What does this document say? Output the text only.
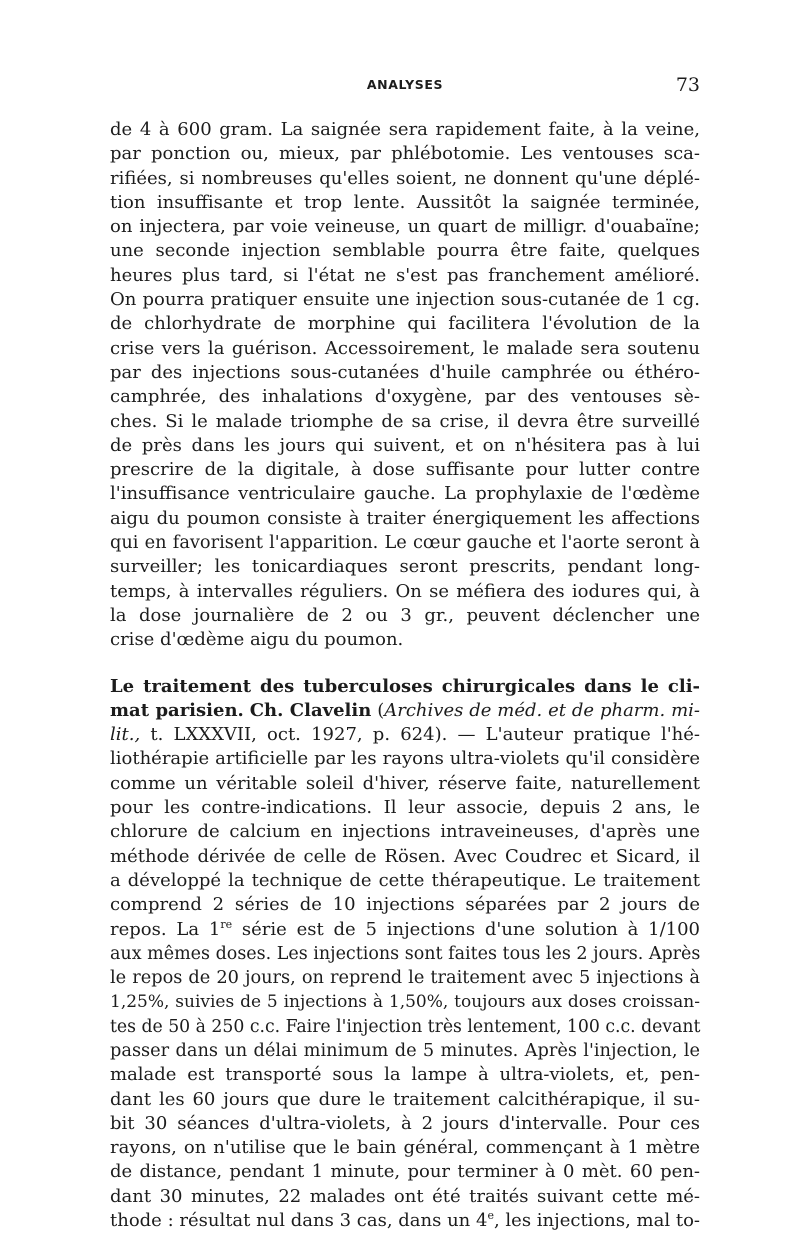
ANALYSES	73
de 4 à 600 gram. La saignée sera rapidement faite, à la veine,
par ponction ou, mieux, par phlébotomie. Les ventouses sca-
rifiées, si nombreuses qu'elles soient, ne donnent qu'une déplé-
tion insuffisante et trop lente. Aussitôt la saignée terminée,
on injectera, par voie veineuse, un quart de milligr. d'ouabaïne;
une seconde injection semblable pourra être faite, quelques
heures plus tard, si l'état ne s'est pas franchement amélioré.
On pourra pratiquer ensuite une injection sous-cutanée de 1 cg.
de chlorhydrate de morphine qui facilitera l'évolution de la
crise vers la guérison. Accessoirement, le malade sera soutenu
par des injections sous-cutanées d'huile camphrée ou éthéro-
camphrée, des inhalations d'oxygène, par des ventouses sè-
ches. Si le malade triomphe de sa crise, il devra être surveillé
de près dans les jours qui suivent, et on n'hésitera pas à lui
prescrire de la digitale, à dose suffisante pour lutter contre
l'insuffisance ventriculaire gauche. La prophylaxie de l'œdème
aigu du poumon consiste à traiter énergiquement les affections
qui en favorisent l'apparition. Le cœur gauche et l'aorte seront à
surveiller; les tonicardiaques seront prescrits, pendant long-
temps, à intervalles réguliers. On se méfiera des iodures qui, à
la dose journalière de 2 ou 3 gr., peuvent déclencher une
crise d'œdème aigu du poumon.
Le traitement des tuberculoses chirurgicales dans le cli-
mat parisien. Ch. Clavelin (Archives de méd. et de pharm. mi-
lit., t. LXXXVII, oct. 1927, p. 624). — L'auteur pratique l'hé-
liothérapie artificielle par les rayons ultra-violets qu'il considère
comme un véritable soleil d'hiver, réserve faite, naturellement
pour les contre-indications. Il leur associe, depuis 2 ans, le
chlorure de calcium en injections intraveineuses, d'après une
méthode dérivée de celle de Rösen. Avec Coudrec et Sicard, il
a développé la technique de cette thérapeutique. Le traitement
comprend 2 séries de 10 injections séparées par 2 jours de
repos. La 1re série est de 5 injections d'une solution à 1/100
aux mêmes doses. Les injections sont faites tous les 2 jours. Après
le repos de 20 jours, on reprend le traitement avec 5 injections à
1,25%, suivies de 5 injections à 1,50%, toujours aux doses croissan-
tes de 50 à 250 c.c. Faire l'injection très lentement, 100 c.c. devant
passer dans un délai minimum de 5 minutes. Après l'injection, le
malade est transporté sous la lampe à ultra-violets, et, pen-
dant les 60 jours que dure le traitement calcithérapique, il su-
bit 30 séances d'ultra-violets, à 2 jours d'intervalle. Pour ces
rayons, on n'utilise que le bain général, commençant à 1 mètre
de distance, pendant 1 minute, pour terminer à 0 mèt. 60 pen-
dant 30 minutes, 22 malades ont été traités suivant cette mé-
thode : résultat nul dans 3 cas, dans un 4e, les injections, mal to-
